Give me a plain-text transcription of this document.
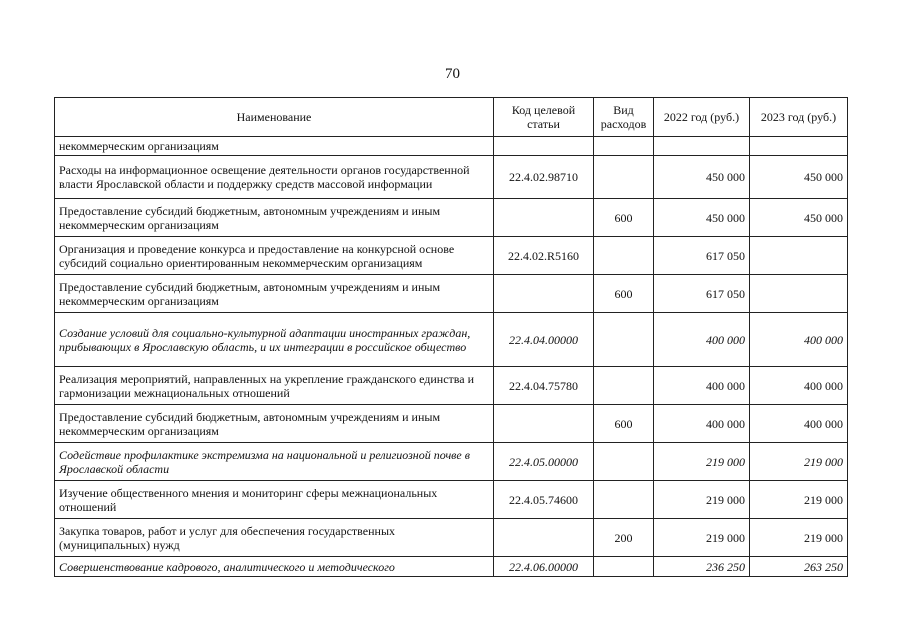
70
Наименование	Код целевой статьи	Вид расходов	2022 год (руб.)	2023 год (руб.)
некоммерческим организациям				
Расходы на информационное освещение деятельности органов государственной власти Ярославской области и поддержку средств массовой информации	22.4.02.98710		450 000	450 000
Предоставление субсидий бюджетным, автономным учреждениям и иным некоммерческим организациям		600	450 000	450 000
Организация и проведение конкурса и предоставление на конкурсной основе субсидий социально ориентированным некоммерческим организациям	22.4.02.R5160		617 050	
Предоставление субсидий бюджетным, автономным учреждениям и иным некоммерческим организациям		600	617 050	
Создание условий для социально-культурной адаптации иностранных граждан, прибывающих в Ярославскую область, и их интеграции в российское общество	22.4.04.00000		400 000	400 000
Реализация мероприятий, направленных на укрепление гражданского единства и гармонизации межнациональных отношений	22.4.04.75780		400 000	400 000
Предоставление субсидий бюджетным, автономным учреждениям и иным некоммерческим организациям		600	400 000	400 000
Содействие профилактике экстремизма на национальной и религиозной почве в Ярославской области	22.4.05.00000		219 000	219 000
Изучение общественного мнения и мониторинг сферы межнациональных отношений	22.4.05.74600		219 000	219 000
Закупка товаров, работ и услуг для обеспечения государственных (муниципальных) нужд		200	219 000	219 000
Совершенствование кадрового, аналитического и методического	22.4.06.00000		236 250	263 250
